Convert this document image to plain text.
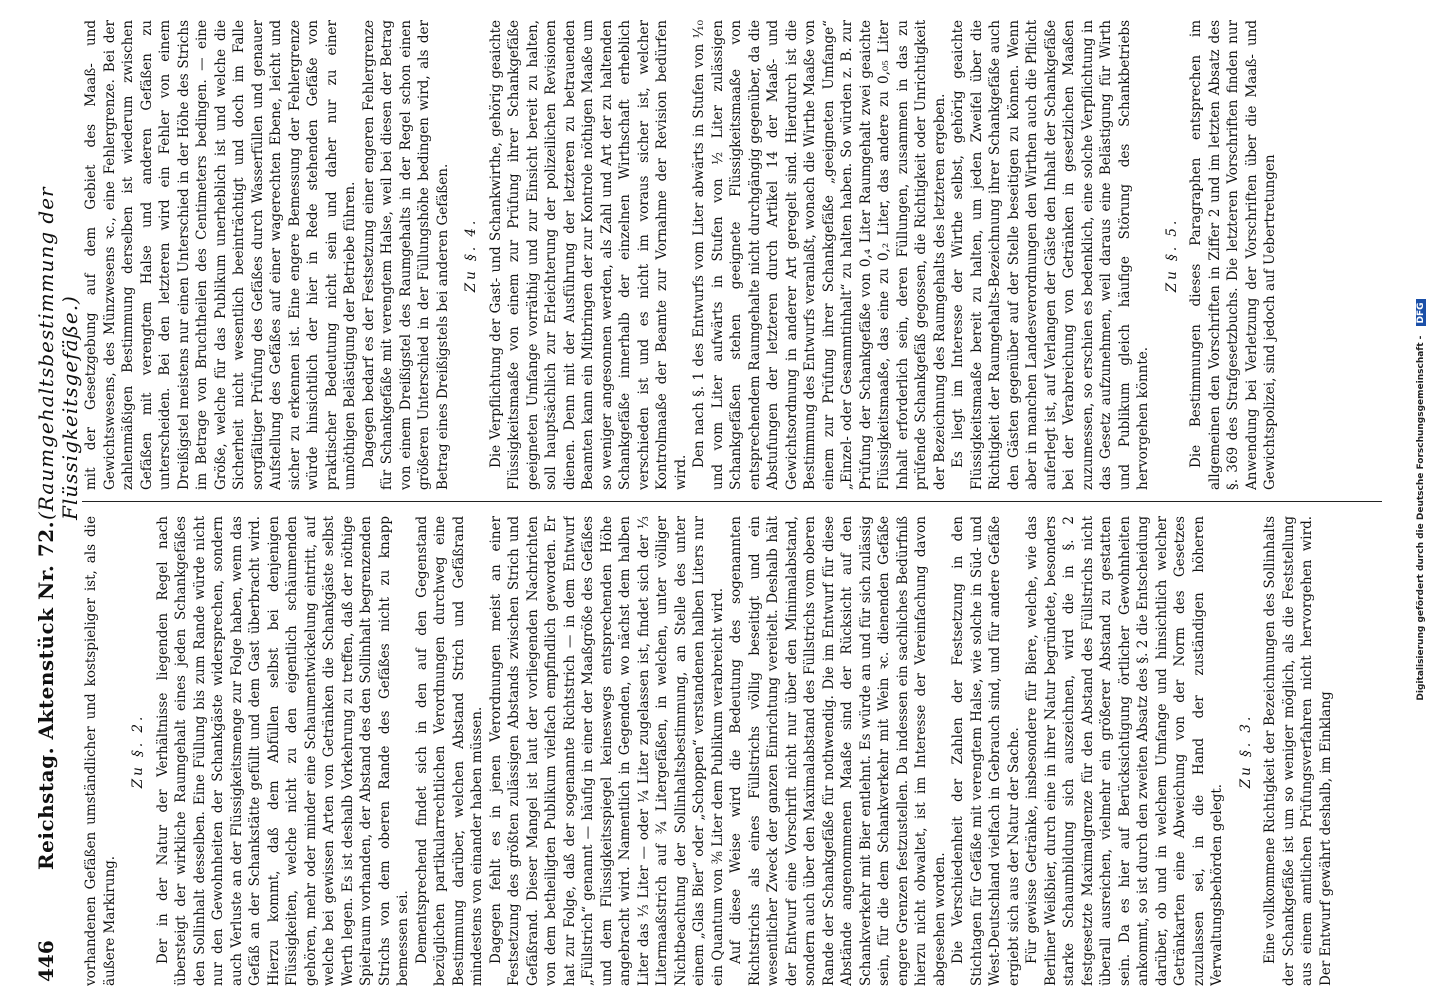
446
Reichstag. Aktenstück Nr. 72.
(Raumgehaltsbestimmung der Flüssigkeitsgefäße.)

vorhandenen Gefäßen umständlicher und kostspieliger ist, als die äußere Markirung.

Zu §. 2. Der in der Natur der Verhältnisse liegenden Regel nach übersteigt der wirkliche Raumgehalt eines jeden Schankgefäßes den Sollinhalt desselben. Eine Füllung bis zum Rande würde nicht nur den Gewohnheiten der Schankgäste widersprechen, sondern auch Verluste an der Flüssigkeitsmenge zur Folge haben, wenn das Gefäß an der Schankstätte gefüllt und dem Gast überbracht wird. Hierzu kommt, daß dem Abfüllen selbst bei denjenigen Flüssigkeiten, welche nicht zu den eigentlich schäumenden gehören, mehr oder minder eine Schaumentwickelung eintritt, auf welche bei gewissen Arten von Getränken die Schankgäste selbst Werth legen. Es ist deshalb Vorkehrung zu treffen, daß der nöthige Spielraum vorhanden, der Abstand des den Sollinhalt begrenzenden Strichs von dem oberen Rande des Gefäßes nicht zu knapp bemessen sei. Dementsprechend findet sich in den auf den Gegenstand bezüglichen partikularrechtlichen Verordnungen durchweg eine Bestimmung darüber, welchen Abstand Strich und Gefäßrand mindestens von einander haben müssen. Dagegen fehlt es in jenen Verordnungen meist an einer Festsetzung des größten zulässigen Abstands zwischen Strich und Gefäßrand. Dieser Mangel ist laut der vorliegenden Nachrichten von dem betheiligten Publikum vielfach empfindlich geworden. Er hat zur Folge, daß der sogenannte Richtstrich — in dem Entwurf „Füllstrich“ genannt — häufig in einer der Maaßgröße des Gefäßes und dem Flüssigkeitsspiegel keineswegs entsprechenden Höhe angebracht wird. Namentlich in Gegenden, wo nächst dem halben Liter das ⅓ Liter — oder ¼ Liter zugelassen ist, findet sich der ⅓ Litermaaßstrich auf ¾ Litergefäßen, in welchen, unter völliger Nichtbeachtung der Sollinhaltsbestimmung, an Stelle des unter einem „Glas Bier“ oder „Schoppen“ verstandenen halben Liters nur ein Quantum von ⅜ Liter dem Publikum verabreicht wird. Auf diese Weise wird die Bedeutung des sogenannten Richtstrichs als eines Füllstrichs völlig beseitigt und ein wesentlicher Zweck der ganzen Einrichtung vereitelt. Deshalb hält der Entwurf eine Vorschrift nicht nur über den Minimalabstand, sondern auch über den Maximalabstand des Füllstrichs vom oberen Rande der Schankgefäße für nothwendig. Die im Entwurf für diese Abstände angenommenen Maaße sind der Rücksicht auf den Schankverkehr mit Bier entlehnt. Es würde an und für sich zulässig sein, für die dem Schankverkehr mit Wein ꝛc. dienenden Gefäße engere Grenzen festzustellen. Da indessen ein sachliches Bedürfniß hierzu nicht obwaltet, ist im Interesse der Vereinfachung davon abgesehen worden. Die Verschiedenheit der Zahlen der Festsetzung in den Stichtagen für Gefäße mit verengtem Halse, wie solche in Süd- und West-Deutschland vielfach in Gebrauch sind, und für andere Gefäße ergiebt sich aus der Natur der Sache. Für gewisse Getränke, insbesondere für Biere, welche, wie das Berliner Weißbier, durch eine in ihrer Natur begründete, besonders starke Schaumbildung sich auszeichnen, wird die in §. 2 festgesetzte Maximalgrenze für den Abstand des Füllstrichs nicht überall ausreichen, vielmehr ein größerer Abstand zu gestatten sein. Da es hier auf Berücksichtigung örtlicher Gewohnheiten ankommt, so ist durch den zweiten Absatz des §. 2 die Entscheidung darüber, ob und in welchem Umfange und hinsichtlich welcher Getränkarten eine Abweichung von der Norm des Gesetzes zuzulassen sei, in die Hand der zuständigen höheren Verwaltungsbehörden gelegt.

Zu §. 3. Eine vollkommene Richtigkeit der Bezeichnungen des Sollinhalts der Schankgefäße ist um so weniger möglich, als die Feststellung aus einem amtlichen Prüfungsverfahren nicht hervorgehen wird. Der Entwurf gewährt deshalb, im Einklang

mit der Gesetzgebung auf dem Gebiet des Maaß- und Gewichtswesens, des Münzwesens ꝛc., eine Fehlergrenze. Bei der zahlenmäßigen Bestimmung derselben ist wiederum zwischen Gefäßen mit verengtem Halse und anderen Gefäßen zu unterscheiden. Bei den letzteren wird ein Fehler von einem Dreißigstel meistens nur einen Unterschied in der Höhe des Strichs im Betrage von Bruchtheilen des Centimeters bedingen. — eine Größe, welche für das Publikum unerheblich ist und welche die Sicherheit nicht wesentlich beeinträchtigt und doch im Falle sorgfältiger Prüfung des Gefäßes durch Wasserfüllen und genauer Aufstellung des Gefäßes auf einer wagerechten Ebene, leicht und sicher zu erkennen ist. Eine engere Bemessung der Fehlergrenze würde hinsichtlich der hier in Rede stehenden Gefäße von praktischer Bedeutung nicht sein und daher nur zu einer unnöthigen Belästigung der Betriebe führen. Dagegen bedarf es der Festsetzung einer engeren Fehlergrenze für Schankgefäße mit verengtem Halse, weil bei diesen der Betrag von einem Dreißigstel des Raumgehalts in der Regel schon einen größeren Unterschied in der Füllungshöhe bedingen wird, als der Betrag eines Dreißigstels bei anderen Gefäßen. Zu §. 4. Die Verpflichtung der Gast- und Schankwirthe, gehörig geaichte Flüssigkeitsmaaße von einem zur Prüfung ihrer Schankgefäße geeigneten Umfange vorräthig und zur Einsicht bereit zu halten, soll hauptsächlich zur Erleichterung der polizeilichen Revisionen dienen. Denn mit der Ausführung der letzteren zu betrauenden Beamten kann ein Mitbringen der zur Kontrole nöthigen Maaße um so weniger angesonnen werden, als Zahl und Art der zu haltenden Schankgefäße innerhalb der einzelnen Wirthschaft erheblich verschieden ist und es nicht im voraus sicher ist, welcher Kontrolmaaße der Beamte zur Vornahme der Revision bedürfen wird.

Den nach §. 1 des Entwurfs vom Liter abwärts in Stufen von ¹⁄₁₀ und vom Liter aufwärts in Stufen von ½ Liter zulässigen Schankgefäßen stehen geeignete Flüssigkeitsmaaße von entsprechendem Raumgehalte nicht durchgängig gegenüber, da die Abstufungen der letzteren durch Artikel 14 der Maaß- und Gewichtsordnung in anderer Art geregelt sind. Hierdurch ist die Bestimmung des Entwurfs veranlaßt, wonach die Wirthe Maaße von einem zur Prüfung ihrer Schankgefäße „geeigneten Umfange“ „Einzel- oder Gesammtinhalt“ zu halten haben. So würden z. B. zur Prüfung der Schankgefäße von 0,₄ Liter Raumgehalt zwei geaichte Flüssigkeitsmaaße, das eine zu 0,₂ Liter, das andere zu 0,₀₅ Liter Inhalt erforderlich sein, deren Füllungen, zusammen in das zu prüfende Schankgefäß gegossen, die Richtigkeit oder Unrichtigkeit der Bezeichnung des Raumgehalts des letzteren ergeben. Es liegt im Interesse der Wirthe selbst, gehörig geaichte Flüssigkeitsmaaße bereit zu halten, um jeden Zweifel über die Richtigkeit der Raumgehalts-Bezeichnung ihrer Schankgefäße auch den Gästen gegenüber auf der Stelle beseitigen zu können. Wenn aber in manchen Landesverordnungen den Wirthen auch die Pflicht auferlegt ist, auf Verlangen der Gäste den Inhalt der Schankgefäße bei der Verabreichung von Getränken in gesetzlichen Maaßen zuzumessen, so erschien es bedenklich, eine solche Verpflichtung in das Gesetz aufzunehmen, weil daraus eine Belästigung für Wirth und Publikum gleich häufige Störung des Schankbetriebs hervorgehen könnte.

Zu §. 5. Die Bestimmungen dieses Paragraphen entsprechen im allgemeinen den Vorschriften in Ziffer 2 und im letzten Absatz des §. 369 des Strafgesetzbuchs. Die letzteren Vorschriften finden nur Anwendung bei Verletzung der Vorschriften über die Maaß- und Gewichtspolizei, sind jedoch auf Uebertretungen

Digitalisierung gefördert durch die Deutsche Forschungsgemeinschaft - DFG
